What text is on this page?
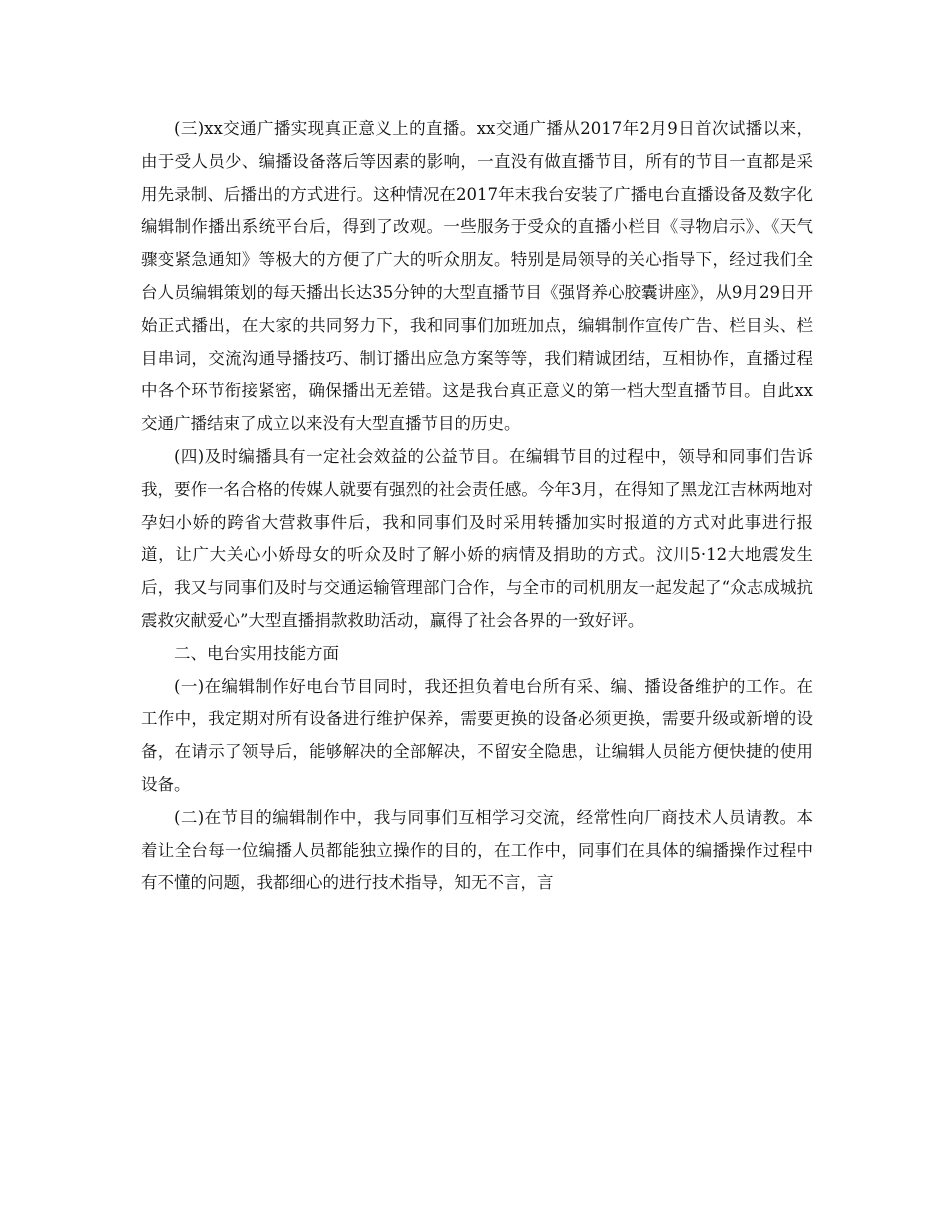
(三)xx交通广播实现真正意义上的直播。xx交通广播从2017年2月9日首次试播以来，由于受人员少、编播设备落后等因素的影响，一直没有做直播节目，所有的节目一直都是采用先录制、后播出的方式进行。这种情况在2017年末我台安装了广播电台直播设备及数字化编辑制作播出系统平台后，得到了改观。一些服务于受众的直播小栏目《寻物启示》、《天气骤变紧急通知》等极大的方便了广大的听众朋友。特别是局领导的关心指导下，经过我们全台人员编辑策划的每天播出长达35分钟的大型直播节目《强肾养心胶囊讲座》，从9月29日开始正式播出，在大家的共同努力下，我和同事们加班加点，编辑制作宣传广告、栏目头、栏目串词，交流沟通导播技巧、制订播出应急方案等等，我们精诚团结，互相协作，直播过程中各个环节衔接紧密，确保播出无差错。这是我台真正意义的第一档大型直播节目。自此xx交通广播结束了成立以来没有大型直播节目的历史。

(四)及时编播具有一定社会效益的公益节目。在编辑节目的过程中，领导和同事们告诉我，要作一名合格的传媒人就要有强烈的社会责任感。今年3月，在得知了黑龙江吉林两地对孕妇小娇的跨省大营救事件后，我和同事们及时采用转播加实时报道的方式对此事进行报道，让广大关心小娇母女的听众及时了解小娇的病情及捐助的方式。汶川5·12大地震发生后，我又与同事们及时与交通运输管理部门合作，与全市的司机朋友一起发起了“众志成城抗震救灾献爱心”大型直播捐款救助活动，赢得了社会各界的一致好评。

二、电台实用技能方面

(一)在编辑制作好电台节目同时，我还担负着电台所有采、编、播设备维护的工作。在工作中，我定期对所有设备进行维护保养，需要更换的设备必须更换，需要升级或新增的设备，在请示了领导后，能够解决的全部解决，不留安全隐患，让编辑人员能方便快捷的使用设备。

(二)在节目的编辑制作中，我与同事们互相学习交流，经常性向厂商技术人员请教。本着让全台每一位编播人员都能独立操作的目的，在工作中，同事们在具体的编播操作过程中有不懂的问题，我都细心的进行技术指导，知无不言，言
